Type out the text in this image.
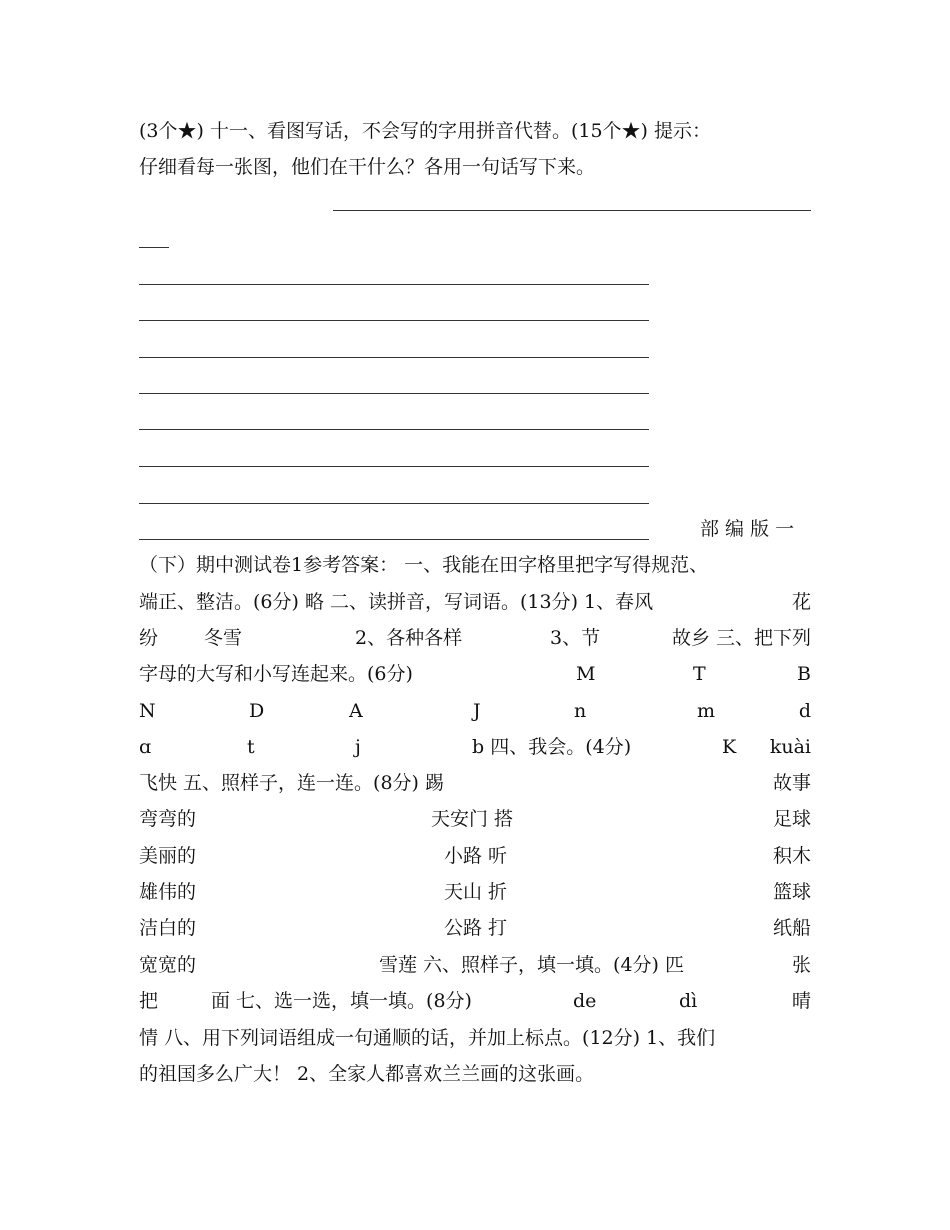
(3个★) 十一、看图写话，不会写的字用拼音代替。(15个★) 提示：
仔细看每一张图，他们在干什么？各用一句话写下来。
部 编 版 一
（下）期中测试卷1参考答案： 一、我能在田字格里把字写得规范、
端正、整洁。(6分) 略 二、读拼音，写词语。(13分) 1、春风	花
纷 冬雪	2、各种各样	3、节	故乡 三、把下列
字母的大写和小写连起来。(6分)	M	T	B
N	D	A	J	n	m	d
ɑ	t	j	b 四、我会。(4分)	K kuài
飞快 五、照样子，连一连。(8分) 踢	故事
弯弯的	天安门 搭	足球
美丽的	小路 听	积木
雄伟的	天山 折	篮球
洁白的	公路 打	纸船
宽宽的	雪莲 六、照样子，填一填。(4分) 匹	张
把	面 七、选一选，填一填。(8分)	de	dì	晴
情 八、用下列词语组成一句通顺的话，并加上标点。(12分) 1、我们
的祖国多么广大！ 2、全家人都喜欢兰兰画的这张画。
